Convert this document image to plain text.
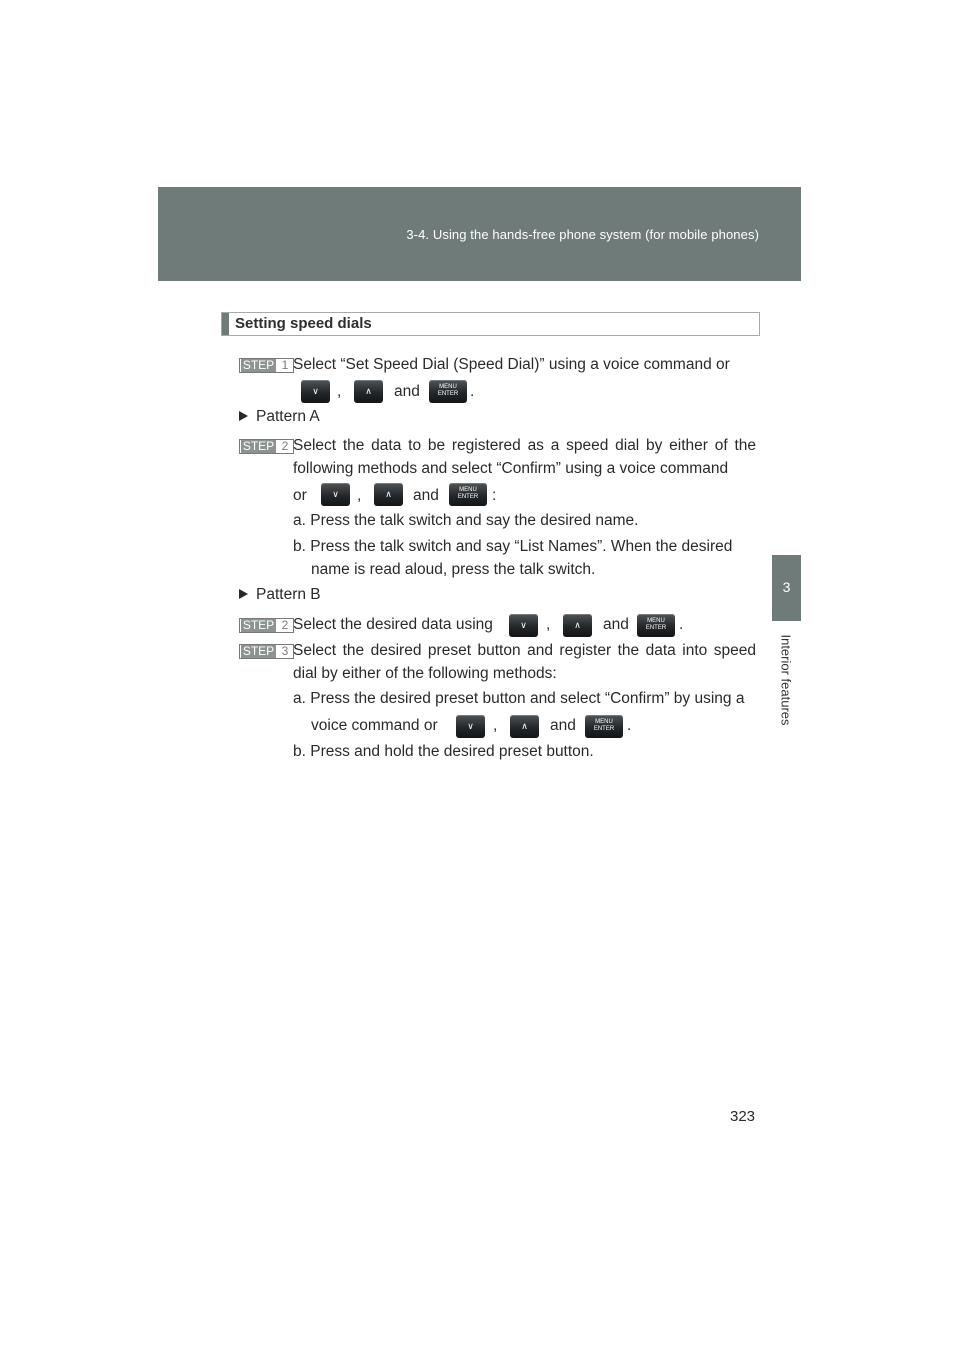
3-4. Using the hands-free phone system (for mobile phones)
3
Interior features
Setting speed dials
STEP 1 Select “Set Speed Dial (Speed Dial)” using a voice command or
∨	,	∧	and	MENU
ENTER .
Pattern A
STEP 2 Select the data to be registered as a speed dial by either of the following methods and select “Confirm” using a voice command
or	∨	,	∧	and	MENU
ENTER :
a. Press the talk switch and say the desired name.
b. Press the talk switch and say “List Names”. When the desired
name is read aloud, press the talk switch.
Pattern B
STEP 2 Select the desired data using	∨	,	∧	and	MENU
ENTER .
STEP 3 Select the desired preset button and register the data into speed dial by either of the following methods:
a. Press the desired preset button and select “Confirm” by using a
voice command or	∨	,	∧	and	MENU
ENTER .
b. Press and hold the desired preset button.
323
